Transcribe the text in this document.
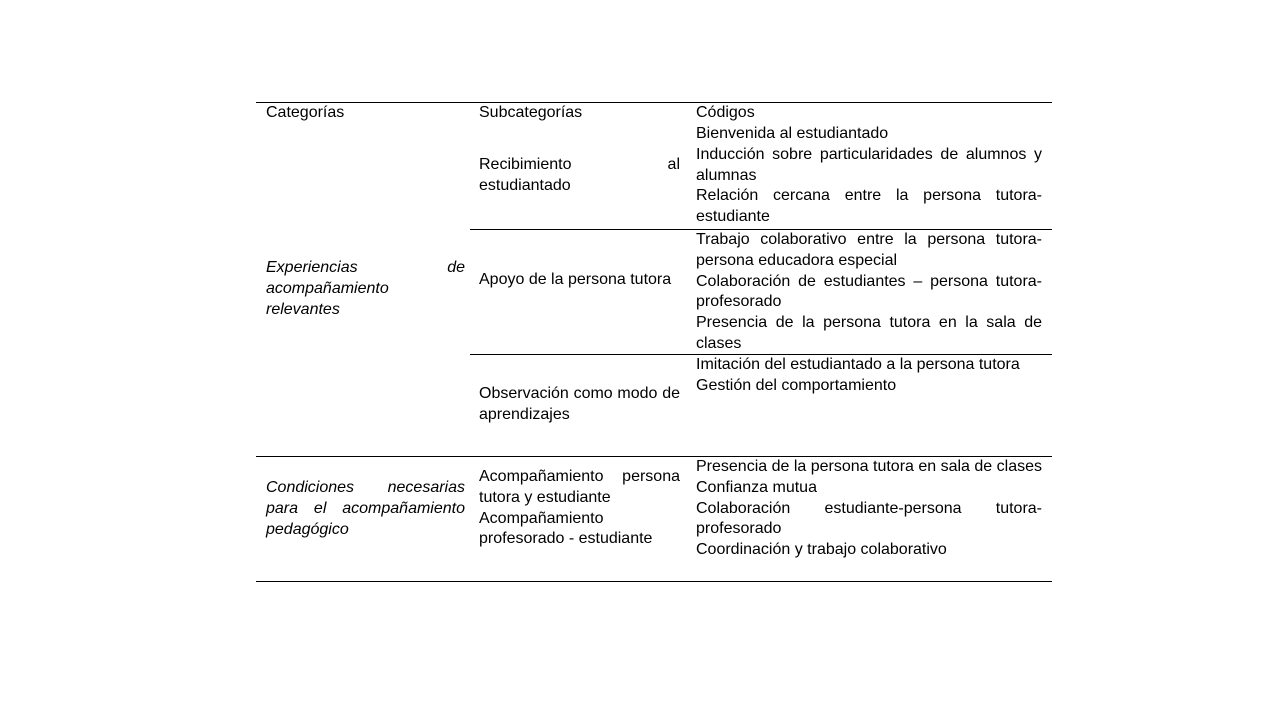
Categorías	Subcategorías	Códigos
Experiencias de acompañamiento relevantes
Recibimiento al estudiantado
Bienvenida al estudiantado
Inducción sobre particularidades de alumnos y alumnas
Relación cercana entre la persona tutora-estudiante
Apoyo de la persona tutora
Trabajo colaborativo entre la persona tutora-persona educadora especial
Colaboración de estudiantes – persona tutora-profesorado
Presencia de la persona tutora en la sala de clases
Observación como modo de aprendizajes
Imitación del estudiantado a la persona tutora
Gestión del comportamiento
Condiciones necesarias para el acompañamiento pedagógico
Acompañamiento persona tutora y estudiante
Acompañamiento profesorado - estudiante
Presencia de la persona tutora en sala de clases
Confianza mutua
Colaboración estudiante-persona tutora-profesorado
Coordinación y trabajo colaborativo
